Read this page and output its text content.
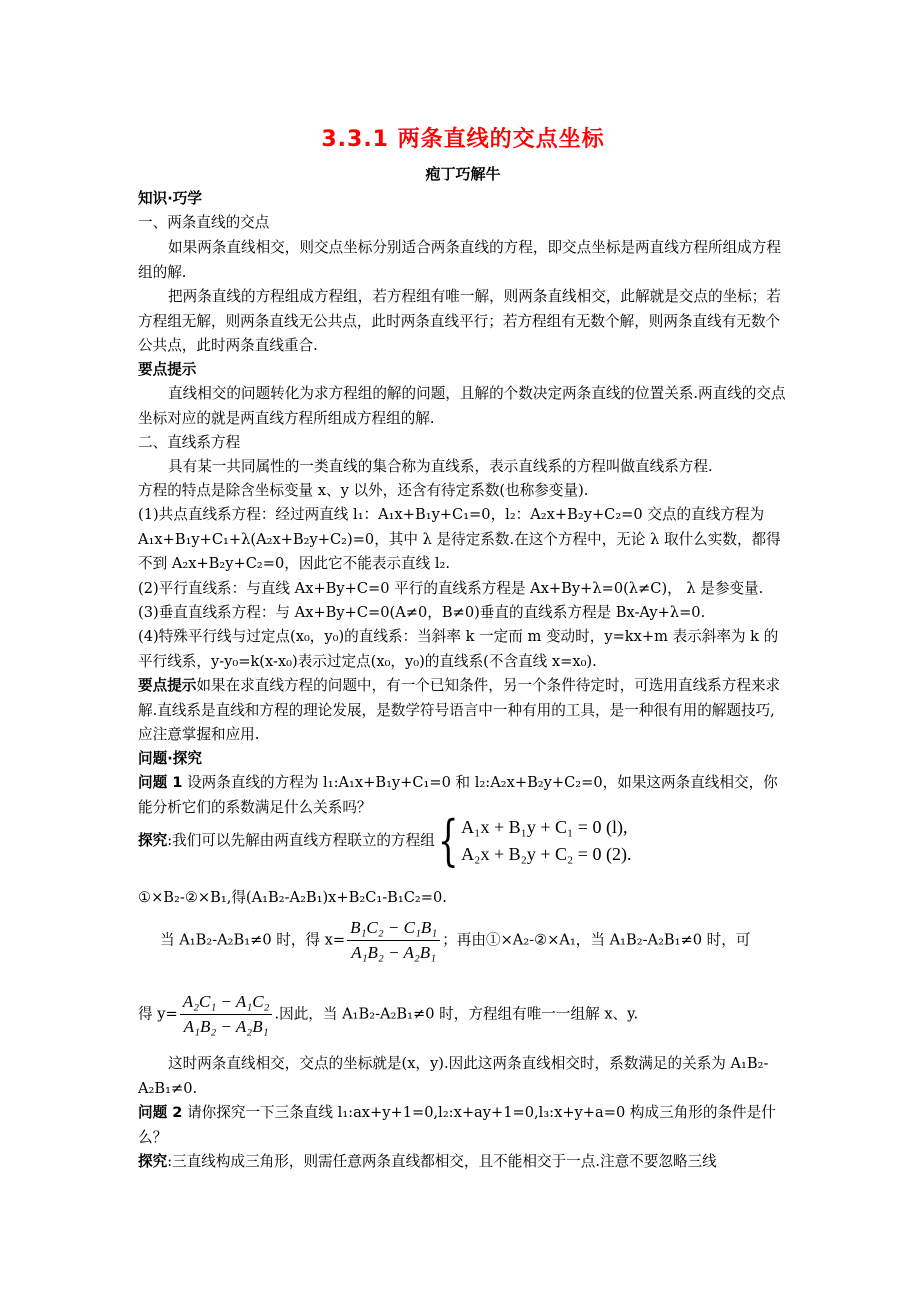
3.3.1 两条直线的交点坐标
疱丁巧解牛
知识·巧学
一、两条直线的交点
如果两条直线相交，则交点坐标分别适合两条直线的方程，即交点坐标是两直线方程所组成方程组的解.
把两条直线的方程组成方程组，若方程组有唯一解，则两条直线相交，此解就是交点的坐标；若方程组无解，则两条直线无公共点，此时两条直线平行；若方程组有无数个解，则两条直线有无数个公共点，此时两条直线重合.
要点提示
直线相交的问题转化为求方程组的解的问题，且解的个数决定两条直线的位置关系.两直线的交点坐标对应的就是两直线方程所组成方程组的解.
二、直线系方程
具有某一共同属性的一类直线的集合称为直线系，表示直线系的方程叫做直线系方程.
方程的特点是除含坐标变量 x、y 以外，还含有待定系数(也称参变量).
(1)共点直线系方程：经过两直线 l₁：A₁x+B₁y+C₁=0，l₂：A₂x+B₂y+C₂=0 交点的直线方程为A₁x+B₁y+C₁+λ(A₂x+B₂y+C₂)=0，其中 λ 是待定系数.在这个方程中，无论 λ 取什么实数，都得不到 A₂x+B₂y+C₂=0，因此它不能表示直线 l₂.
(2)平行直线系：与直线 Ax+By+C=0 平行的直线系方程是 Ax+By+λ=0(λ≠C)， λ 是参变量.
(3)垂直直线系方程：与 Ax+By+C=0(A≠0，B≠0)垂直的直线系方程是 Bx-Ay+λ=0.
(4)特殊平行线与过定点(x₀，y₀)的直线系：当斜率 k 一定而 m 变动时，y=kx+m 表示斜率为 k 的平行线系，y-y₀=k(x-x₀)表示过定点(x₀，y₀)的直线系(不含直线 x=x₀).
要点提示如果在求直线方程的问题中，有一个已知条件，另一个条件待定时，可选用直线系方程来求解.直线系是直线和方程的理论发展，是数学符号语言中一种有用的工具，是一种很有用的解题技巧,应注意掌握和应用.
问题·探究
问题 1 设两条直线的方程为 l₁:A₁x+B₁y+C₁=0 和 l₂:A₂x+B₂y+C₂=0，如果这两条直线相交，你能分析它们的系数满足什么关系吗？
探究:我们可以先解由两直线方程联立的方程组{ A₁x + B₁y + C₁ = 0 (l),
A₂x + B₂y + C₂ = 0 (2).
①×B₂-②×B₁,得(A₁B₂-A₂B₁)x+B₂C₁-B₁C₂=0.
当 A₁B₂-A₂B₁≠0 时，得 $x= \frac{\text{B₁C₂ − C₁B₁}}{\text{A₁B₂ − A₂B₁}}$ ；再由①×A₂-②×A₁，当 A₁B₂-A₂B₁≠0 时，可
得 $y= \frac{\text{A₂C₁ − A₁C₂}}{\text{A₁B₂ − A₂B₁}}$ .因此，当 A₁B₂-A₂B₁≠0 时，方程组有唯一一组解 x、y.
这时两条直线相交，交点的坐标就是(x，y).因此这两条直线相交时，系数满足的关系为 A₁B₂-A₂B₁≠0.
问题 2 请你探究一下三条直线 l₁:ax+y+1=0,l₂:x+ay+1=0,l₃:x+y+a=0 构成三角形的条件是什么？
探究:三直线构成三角形，则需任意两条直线都相交，且不能相交于一点.注意不要忽略三线
